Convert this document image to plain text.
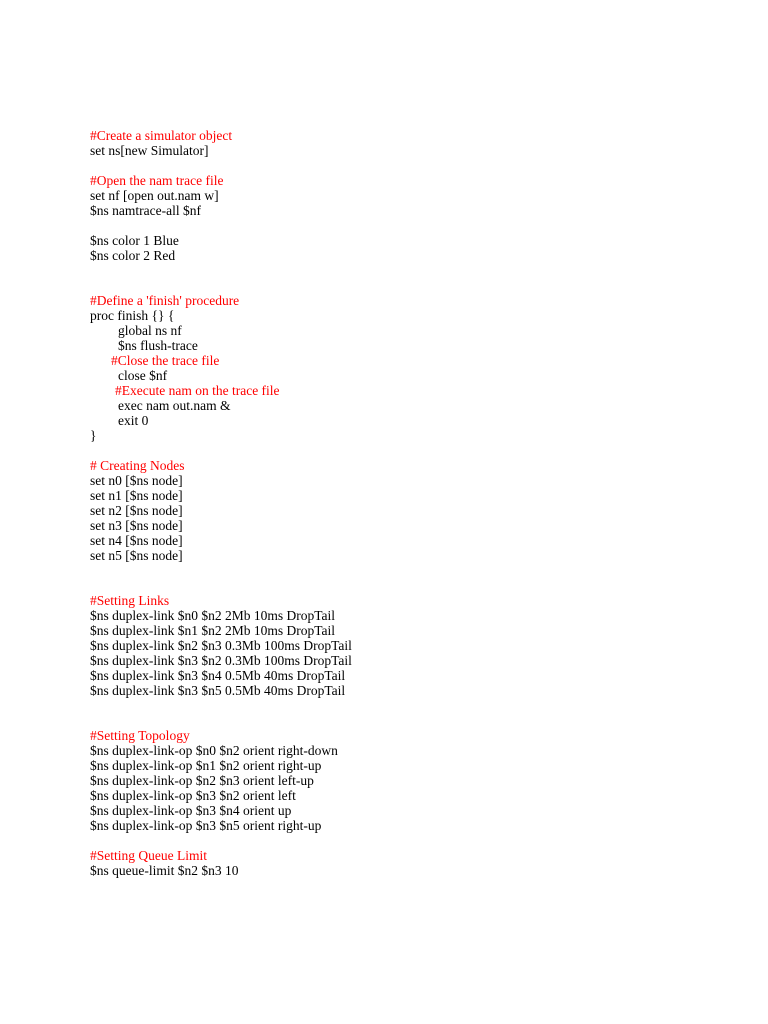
#Create a simulator object
set ns[new Simulator]
#Open the nam trace file
set nf [open out.nam w]
$ns namtrace-all $nf
$ns color 1 Blue
$ns color 2 Red
#Define a 'finish' procedure
proc finish {} {
global ns nf
$ns flush-trace
#Close the trace file
close $nf
#Execute nam on the trace file
exec nam out.nam &
exit 0
}
# Creating Nodes
set n0 [$ns node]
set n1 [$ns node]
set n2 [$ns node]
set n3 [$ns node]
set n4 [$ns node]
set n5 [$ns node]
#Setting Links
$ns duplex-link $n0 $n2 2Mb 10ms DropTail
$ns duplex-link $n1 $n2 2Mb 10ms DropTail
$ns duplex-link $n2 $n3 0.3Mb 100ms DropTail
$ns duplex-link $n3 $n2 0.3Mb 100ms DropTail
$ns duplex-link $n3 $n4 0.5Mb 40ms DropTail
$ns duplex-link $n3 $n5 0.5Mb 40ms DropTail
#Setting Topology
$ns duplex-link-op $n0 $n2 orient right-down
$ns duplex-link-op $n1 $n2 orient right-up
$ns duplex-link-op $n2 $n3 orient left-up
$ns duplex-link-op $n3 $n2 orient left
$ns duplex-link-op $n3 $n4 orient up
$ns duplex-link-op $n3 $n5 orient right-up
#Setting Queue Limit
$ns queue-limit $n2 $n3 10
